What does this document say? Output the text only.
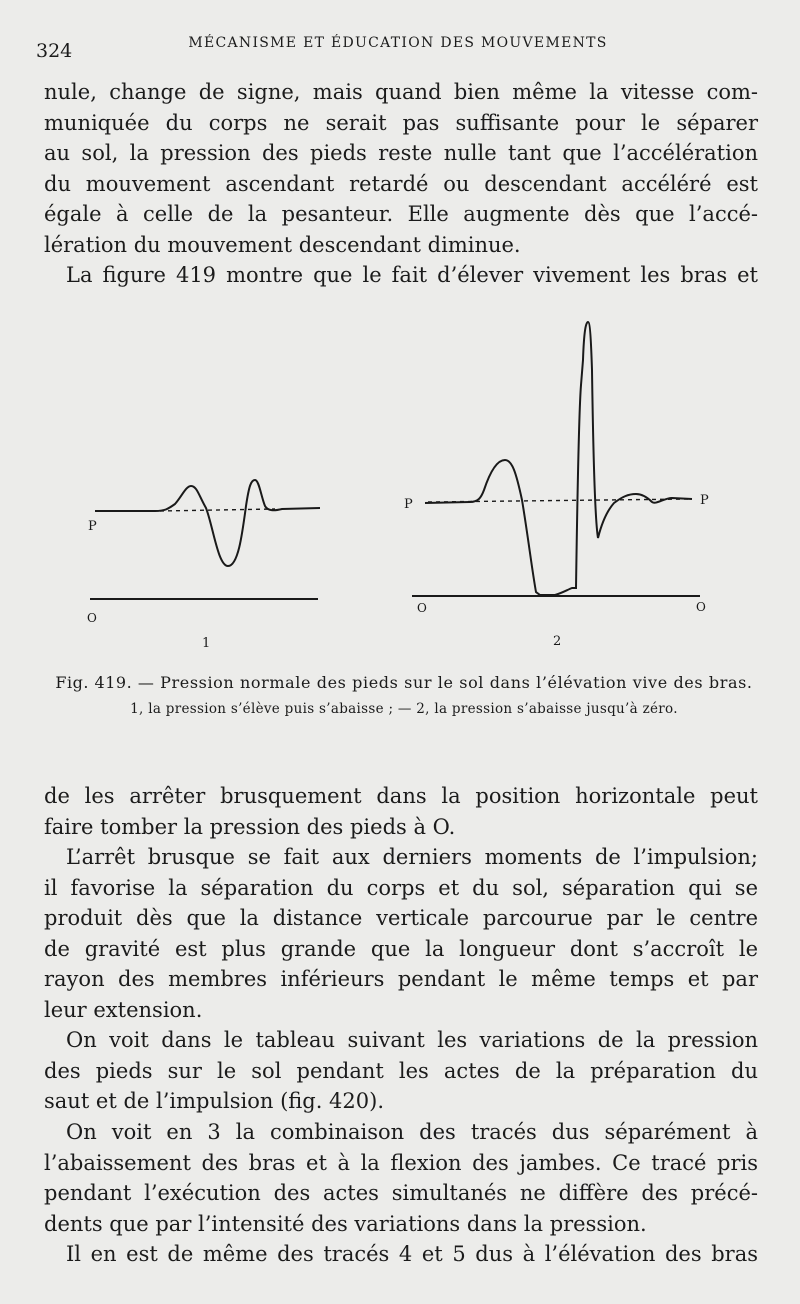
324	MÉCANISME ET ÉDUCATION DES MOUVEMENTS
nule, change de signe, mais quand bien même la vitesse com-
muniquée du corps ne serait pas suffisante pour le séparer
au sol, la pression des pieds reste nulle tant que l’accélération
du mouvement ascendant retardé ou descendant accéléré est
égale à celle de la pesanteur. Elle augmente dès que l’accé-
lération du mouvement descendant diminue.
La figure 419 montre que le fait d’élever vivement les bras et
P
O
1
P	P
O	O
2
Fig. 419. — Pression normale des pieds sur le sol dans l’élévation vive des bras.
1, la pression s’élève puis s’abaisse ; — 2, la pression s’abaisse jusqu’à zéro.
de les arrêter brusquement dans la position horizontale peut
faire tomber la pression des pieds à O.
L’arrêt brusque se fait aux derniers moments de l’impulsion;
il favorise la séparation du corps et du sol, séparation qui se
produit dès que la distance verticale parcourue par le centre
de gravité est plus grande que la longueur dont s’accroît le
rayon des membres inférieurs pendant le même temps et par
leur extension.
On voit dans le tableau suivant les variations de la pression
des pieds sur le sol pendant les actes de la préparation du
saut et de l’impulsion (fig. 420).
On voit en 3 la combinaison des tracés dus séparément à
l’abaissement des bras et à la flexion des jambes. Ce tracé pris
pendant l’exécution des actes simultanés ne diffère des précé-
dents que par l’intensité des variations dans la pression.
Il en est de même des tracés 4 et 5 dus à l’élévation des bras
